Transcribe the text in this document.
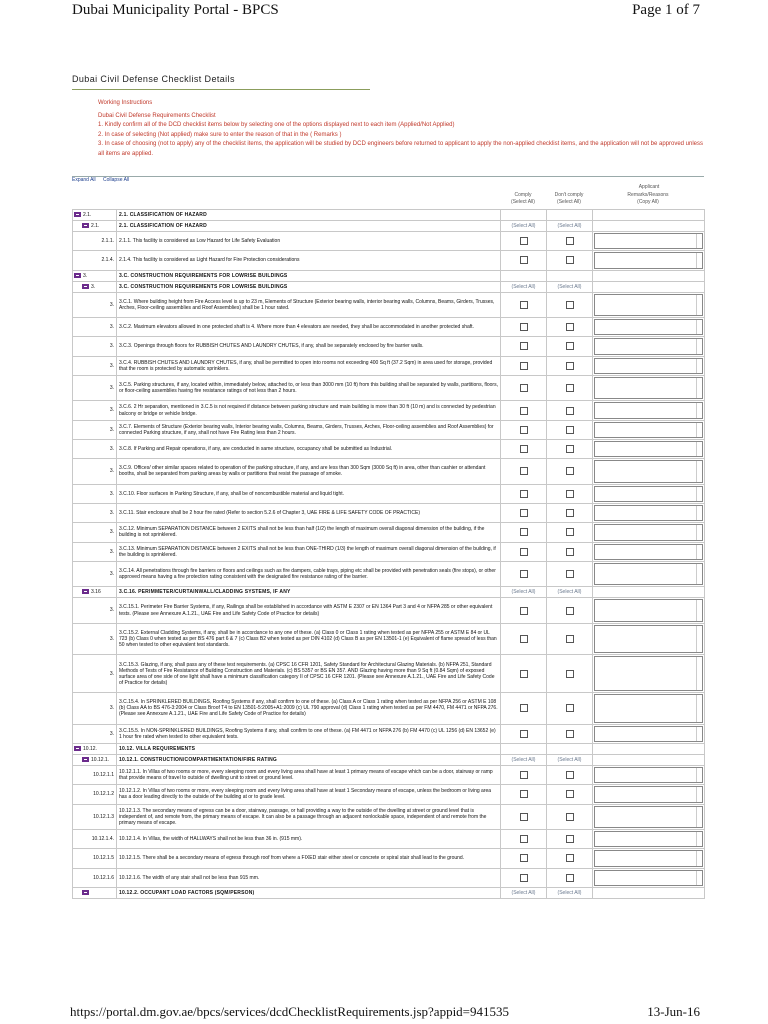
Dubai Municipality Portal - BPCS	Page 1 of 7
Dubai Civil Defense Checklist Details
Working Instructions
Dubai Civil Defense Requirements Checklist
1. Kindly confirm all of the DCD checklist items below by selecting one of the options displayed next to each item (Applied/Not Applied)
2. In case of selecting (Not applied) make sure to enter the reason of that in the ( Remarks )
3. In case of choosing (not to apply) any of the checklist items, the application will be studied by DCD engineers before returned to applicant to apply the non-applied checklist items, and the application will not be approved unless all items are applied.
Expand All Collapse All
Applicant
Comply
(Select All)
Don't comply
(Select All)
Remarks/Reasons
(Copy All)
2.1.	2.1. CLASSIFICATION OF HAZARD			
2.1.	2.1. CLASSIFICATION OF HAZARD	(Select All)	(Select All)	
2.1.1.	2.1.1. This facility is considered as Low Hazard for Life Safety Evaluation			

2.1.4.	2.1.4. This facility is considered as Light Hazard for Fire Protection considerations			

3.	3.C. CONSTRUCTION REQUIREMENTS FOR LOWRISE BUILDINGS			
3.	3.C. CONSTRUCTION REQUIREMENTS FOR LOWRISE BUILDINGS	(Select All)	(Select All)	
3.	3.C.1. Where building height from Fire Access level is up to 23 m, Elements of Structure (Exterior bearing walls, interior bearing walls, Columns, Beams, Girders, Trusses, Arches, Floor-ceiling assemblies and Roof Assemblies) shall be 1 hour rated.			

3.	3.C.2. Maximum elevators allowed in one protected shaft is 4. Where more than 4 elevators are needed, they shall be accommodated in another protected shaft.			

3.	3.C.3. Openings through floors for RUBBISH CHUTES AND LAUNDRY CHUTES, if any, shall be separately enclosed by fire barrier walls.			

3.	3.C.4. RUBBISH CHUTES AND LAUNDRY CHUTES, if any, shall be permitted to open into rooms not exceeding 400 Sq ft (37.2 Sqm) in area used for storage, provided that the room is protected by automatic sprinklers.			

3.	3.C.5. Parking structures, if any, located within, immediately below, attached to, or less than 3000 mm (10 ft) from this building shall be separated by walls, partitions, floors, or floor-ceiling assemblies having fire resistance ratings of not less than 2 hours.			

3.	3.C.6. 2 Hr separation, mentioned in 3.C.5 is not required if distance between parking structure and main building is more than 30 ft (10 m) and is connected by pedestrian balcony or bridge or vehicle bridge.			

3.	3.C.7. Elements of Structure (Exterior bearing walls, Interior bearing walls, Columns, Beams, Girders, Trusses, Arches, Floor-ceiling assemblies and Roof Assemblies) for connected Parking structure, if any, shall not have Fire Rating less than 2 hours.			

3.	3.C.8. If Parking and Repair operations, if any, are conducted in same structure, occupancy shall be submitted as Industrial.			

3.	3.C.9. Offices/ other similar spaces related to operation of the parking structure, if any, and are less than 300 Sqm (3000 Sq ft) in area, other than cashier or attendant booths, shall be separated from parking areas by walls or partitions that resist the passage of smoke.			

3.	3.C.10. Floor surfaces in Parking Structure, if any, shall be of noncombustible material and liquid tight.			

3.	3.C.11. Stair enclosure shall be 2 hour fire rated (Refer to section 5.2.6 of Chapter 3, UAE FIRE & LIFE SAFETY CODE OF PRACTICE)			

3.	3.C.12. Minimum SEPARATION DISTANCE between 2 EXITS shall not be less than half (1/2) the length of maximum overall diagonal dimension of the building, if the building is not sprinklered.			

3.	3.C.13. Minimum SEPARATION DISTANCE between 2 EXITS shall not be less than ONE-THIRD (1/3) the length of maximum overall diagonal dimension of the building, if the building is sprinklered.			

3.	3.C.14. All penetrations through fire barriers or floors and ceilings such as fire dampers, cable trays, piping etc shall be provided with penetration seals (fire stops), or other approved means having a fire protection rating consistent with the designated fire resistance rating of the barrier.			

3.16	3.C.16. PERIMMETER/CURTAINWALL/CLADDING SYSTEMS, IF ANY	(Select All)	(Select All)	
3.	3.C.15.1. Perimeter Fire Barrier Systems, if any, Railings shall be established in accordance with ASTM E 2307 or EN 1364 Part 3 and 4 or NFPA 285 or other equivalent tests. (Please see Annexure A.1.21., UAE Fire and Life Safety Code of Practice for details)			

3.	3.C.15.2. External Cladding Systems, if any, shall be in accordance to any one of these. (a) Class 0 or Class 1 rating when tested as per NFPA 255 or ASTM E 84 or UL 723 (b) Class 0 when tested as per BS 476 part 6 & 7 (c) Class B2 when tested as per DIN 4102 (d) Class B as per EN 13501-1 (e) Equivalent of flame spread of less than 50 when tested to other equivalent test standards.			

3.	3.C.15.3. Glazing, if any, shall pass any of these test requirements. (a) CPSC 16 CFR 1201, Safety Standard for Architectural Glazing Materials. (b) NFPA 251, Standard Methods of Tests of Fire Resistance of Building Construction and Materials. (c) BS 5357 or BS EN 357. AND Glazing having more than 9 Sq ft (0.84 Sqm) of exposed surface area of one side of one light shall have a minimum classification category II of CPSC 16 CFR 1201. (Please see Annexure A.1.21., UAE Fire and Life Safety Code of Practice for details)			

3.	3.C.15.4. In SPRINKLERED BUILDINGS, Roofing Systems if any, shall confirm to one of these. (a) Class A or Class 1 rating when tested as per NFPA 256 or ASTM E 108 (b) Class AA to BS 476-3:2004 or Class Broof T4 to EN 13501-5:2005+A1:2009 (c) UL 790 approval (d) Class 1 rating when tested as per FM 4470, FM 4471 or NFPA 276. (Please see Annexure A.1.21., UAE Fire and Life Safety Code of Practice for details)			

3.	3.C.15.5. In NON-SPRINKLERED BUILDINGS, Roofing Systems if any, shall confirm to one of these. (a) FM 4471 or NFPA 276 (b) FM 4470 (c) UL 1256 (d) EN 13652 (e) 1 hour fire rated when tested to other equivalent tests.			

10.12.	10.12. VILLA REQUIREMENTS			
10.12.1.	10.12.1. CONSTRUCTION/COMPARTMENTATION/FIRE RATING	(Select All)	(Select All)	
10.12.1.1	10.12.1.1. In Villas of two rooms or more, every sleeping room and every living area shall have at least 1 primary means of escape which can be a door, stairway or ramp that provide means of travel to outside of dwelling unit to street or ground level.			

10.12.1.2	10.12.1.2. In Villas of two rooms or more, every sleeping room and every living area shall have at least 1 Secondary means of escape, unless the bedroom or living area has a door leading directly to the outside of the building at or to grade level.			

10.12.1.3	10.12.1.3. The secondary means of egress can be a door, stairway, passage, or hall providing a way to the outside of the dwelling at street or ground level that is independent of, and remote from, the primary means of escape. It can also be a passage through an adjacent nonlockable space, independent of and remote from the primary means of escape.			

10.12.1.4.	10.12.1.4. In Villas, the width of HALLWAYS shall not be less than 36 in. (915 mm).			

10.12.1.5	10.12.1.5. There shall be a secondary means of egress through roof from where a FIXED stair either steel or concrete or spiral stair shall lead to the ground.			

10.12.1.6	10.12.1.6. The width of any stair shall not be less than 915 mm.			

	10.12.2. OCCUPANT LOAD FACTORS (SQM/PERSON)	(Select All)	(Select All)	
https://portal.dm.gov.ae/bpcs/services/dcdChecklistRequirements.jsp?appid=941535	13-Jun-16
